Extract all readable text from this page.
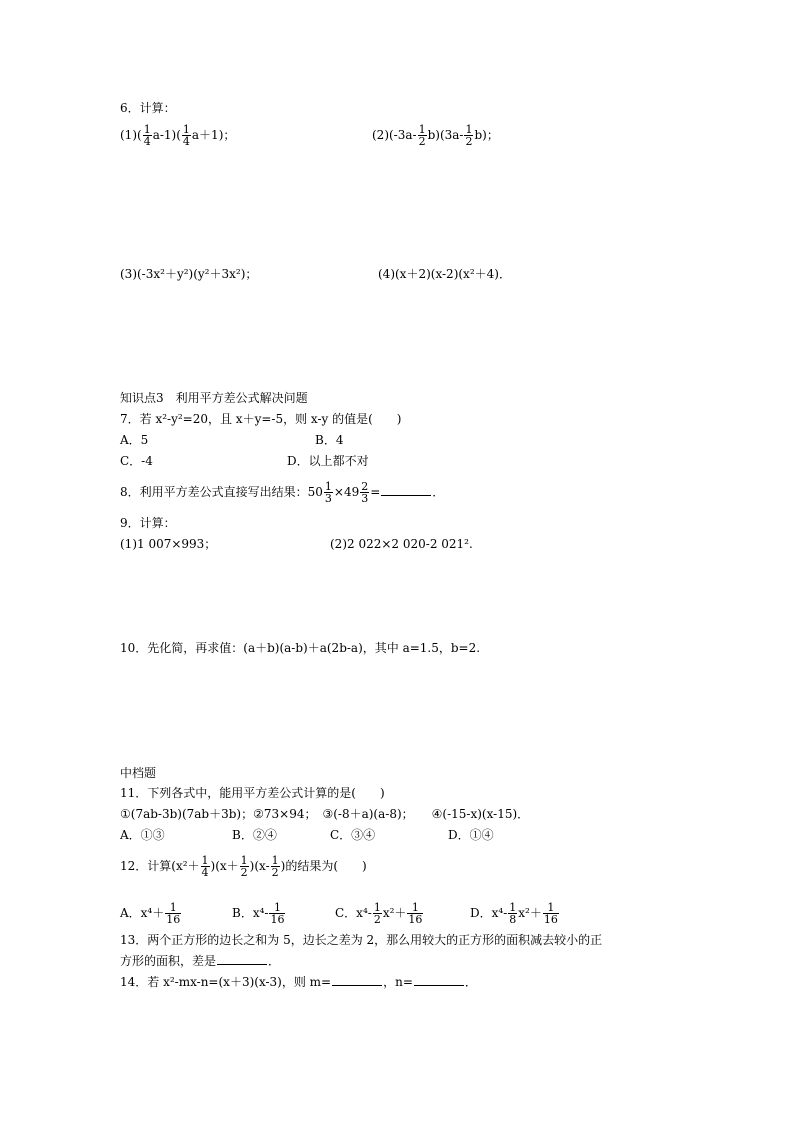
6．计算：
$(1)( \frac{1}{4} a-1)( \frac{1}{4} a+1)$；	$(2)(-3a- \frac{1}{2} b)(3a- \frac{1}{2} b)$；
(3)(-3x²＋y²)(y²＋3x²)；	(4)(x＋2)(x-2)(x²＋4)．
知识点3　利用平方差公式解决问题
7．若 x²-y²=20，且 x＋y=-5，则 x-y 的值是(　　)
A．5	B．4
C．-4	D．以上都不对
8．利用平方差公式直接写出结果：$50 \frac{1}{3} \times 49 \frac{2}{3}$ =	．
9．计算：
(1)1 007×993；	(2)2 022×2 020-2 021².
10．先化简，再求值：(a＋b)(a-b)＋a(2b-a)，其中 a=1.5，b=2.
中档题
11．下列各式中，能用平方差公式计算的是(　　)
①(7ab-3b)(7ab＋3b)；②73×94；　③(-8＋a)(a-8)；　　④(-15-x)(x-15)．
A．①③	B．②④	C．③④	D．①④
12．计算$(x^2+ \frac{1}{4} )(x+ \frac{1}{2} )(x- \frac{1}{2}$ )的结果为(　　)
A．$x^4+ \frac{1}{16}$	B．$x^4- \frac{1}{16}$	C．$x^4- \frac{1}{2} x^2+ \frac{1}{16}$	D．$x^4- \frac{1}{8} x^2+ \frac{1}{16}$
13．两个正方形的边长之和为 5，边长之差为 2，那么用较大的正方形的面积减去较小的正
方形的面积，差是	．
14．若 x²-mx-n=(x＋3)(x-3)，则 m=	，n=	．
